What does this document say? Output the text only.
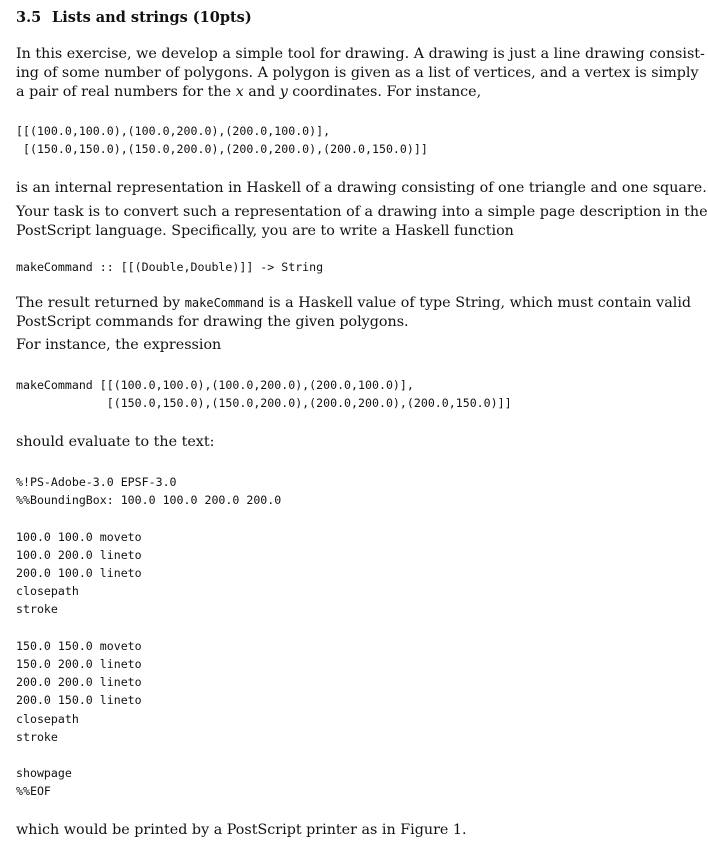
3.5 Lists and strings (10pts)
In this exercise, we develop a simple tool for drawing. A drawing is just a line drawing consist-
ing of some number of polygons. A polygon is given as a list of vertices, and a vertex is simply
a pair of real numbers for the x and y coordinates. For instance,
[[(100.0,100.0),(100.0,200.0),(200.0,100.0)],
[(150.0,150.0),(150.0,200.0),(200.0,200.0),(200.0,150.0)]]
is an internal representation in Haskell of a drawing consisting of one triangle and one square.
Your task is to convert such a representation of a drawing into a simple page description in the
PostScript language. Specifically, you are to write a Haskell function
makeCommand :: [[(Double,Double)]] -> String
The result returned by makeCommand is a Haskell value of type String, which must contain valid
PostScript commands for drawing the given polygons.
For instance, the expression
makeCommand [[(100.0,100.0),(100.0,200.0),(200.0,100.0)],
[(150.0,150.0),(150.0,200.0),(200.0,200.0),(200.0,150.0)]]
should evaluate to the text:
%!PS-Adobe-3.0 EPSF-3.0
%%BoundingBox: 100.0 100.0 200.0 200.0

100.0 100.0 moveto
100.0 200.0 lineto
200.0 100.0 lineto
closepath
stroke

150.0 150.0 moveto
150.0 200.0 lineto
200.0 200.0 lineto
200.0 150.0 lineto
closepath
stroke

showpage
%%EOF
which would be printed by a PostScript printer as in Figure 1.
